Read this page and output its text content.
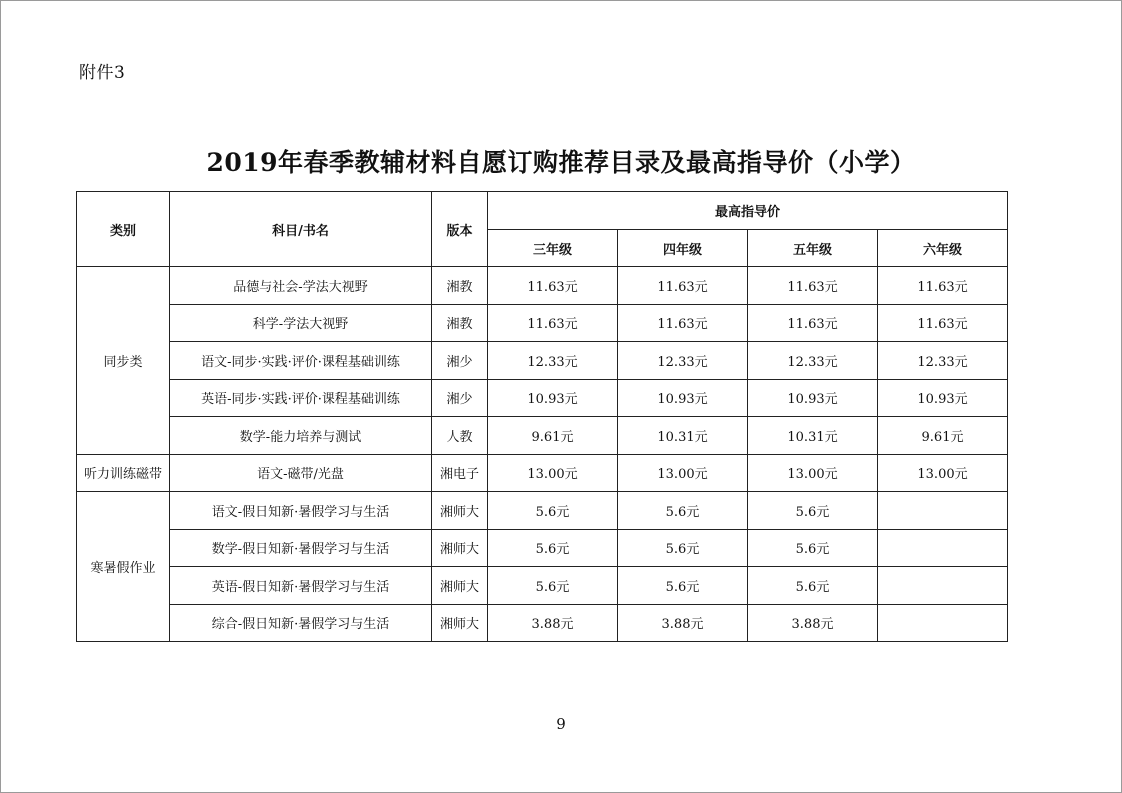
附件3
2019年春季教辅材料自愿订购推荐目录及最高指导价（小学）
类别	科目/书名	版本	最高指导价			
			三年级	四年级	五年级	六年级
同步类	品德与社会-学法大视野	湘教	11.63元	11.63元	11.63元	11.63元
	科学-学法大视野	湘教	11.63元	11.63元	11.63元	11.63元
	语文-同步·实践·评价·课程基础训练	湘少	12.33元	12.33元	12.33元	12.33元
	英语-同步·实践·评价·课程基础训练	湘少	10.93元	10.93元	10.93元	10.93元
	数学-能力培养与测试	人教	9.61元	10.31元	10.31元	9.61元
听力训练磁带	语文-磁带/光盘	湘电子	13.00元	13.00元	13.00元	13.00元
寒暑假作业	语文-假日知新·暑假学习与生活	湘师大	5.6元	5.6元	5.6元	
	数学-假日知新·暑假学习与生活	湘师大	5.6元	5.6元	5.6元	
	英语-假日知新·暑假学习与生活	湘师大	5.6元	5.6元	5.6元	
	综合-假日知新·暑假学习与生活	湘师大	3.88元	3.88元	3.88元	
9
